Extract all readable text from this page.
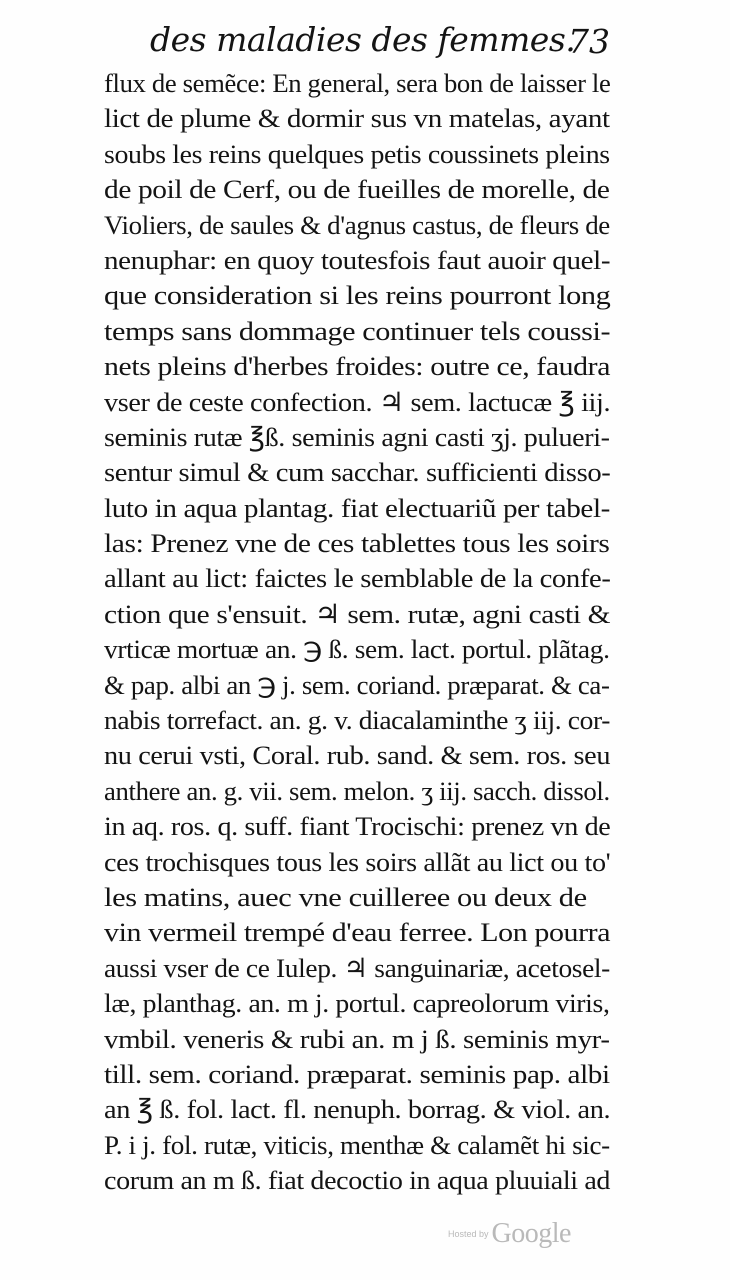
des maladies des femmes.
73
flux de semẽce: En general, sera bon de laisser le
lict de plume & dormir sus vn matelas, ayant
soubs les reins quelques petis coussinets pleins
de poil de Cerf, ou de fueilles de morelle, de
Violiers, de saules & d'agnus castus, de fleurs de
nenuphar: en quoy toutesfois faut auoir quel-
que consideration si les reins pourront long
temps sans dommage continuer tels coussi-
nets pleins d'herbes froides: outre ce, faudra
vser de ceste confection. ♃ sem. lactucæ ℥ iij.
seminis rutæ ℥ß. seminis agni casti ʒj. pulueri-
sentur simul & cum sacchar. sufficienti disso-
luto in aqua plantag. fiat electuariũ per tabel-
las: Prenez vne de ces tablettes tous les soirs
allant au lict: faictes le semblable de la confe-
ction que s'ensuit. ♃ sem. rutæ, agni casti &
vrticæ mortuæ an. ℈ ß. sem. lact. portul. plãtag.
& pap. albi an ℈ j. sem. coriand. præparat. & ca-
nabis torrefact. an. g. v. diacalaminthe ʒ iij. cor-
nu cerui vsti, Coral. rub. sand. & sem. ros. seu
anthere an. g. vii. sem. melon. ʒ iij. sacch. dissol.
in aq. ros. q. suff. fiant Trocischi: prenez vn de
ces trochisques tous les soirs allãt au lict ou to'
les matins, auec vne cuilleree ou deux de
vin vermeil trempé d'eau ferree. Lon pourra
aussi vser de ce Iulep. ♃ sanguinariæ, acetosel-
læ, planthag. an. m j. portul. capreolorum viris,
vmbil. veneris & rubi an. m j ß. seminis myr-
till. sem. coriand. præparat. seminis pap. albi
an ℥ ß. fol. lact. fl. nenuph. borrag. & viol. an.
P. i j. fol. rutæ, viticis, menthæ & calamẽt hi sic-
corum an m ß. fiat decoctio in aqua pluuiali ad
Hosted by Google
